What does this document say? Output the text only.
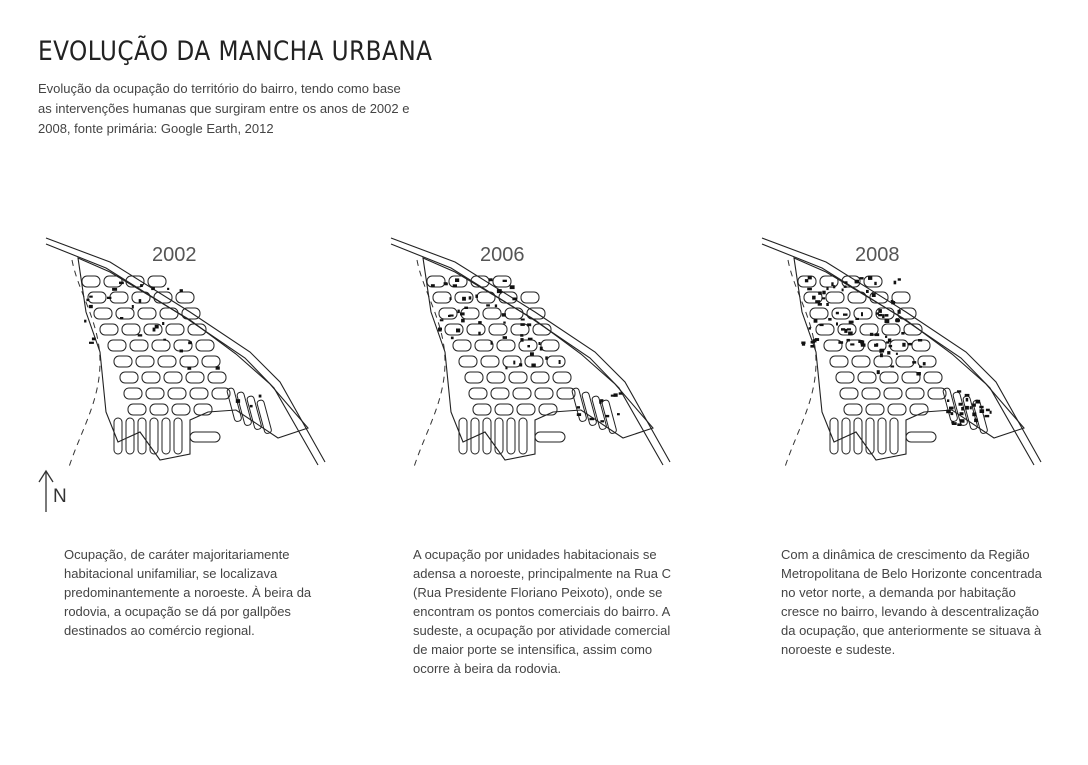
EVOLUÇÃO DA MANCHA URBANA

Evolução da ocupação do território do bairro, tendo como base as intervenções humanas que surgiram entre os anos de 2002 e 2008, fonte primária: Google Earth, 2012

2002

Ocupação, de caráter majoritariamente habitacional unifamiliar, se localizava predominantemente a noroeste. À beira da rodovia, a ocupação se dá por gallpões destinados ao comércio regional.

2006

A ocupação por unidades habitacionais se adensa a noroeste, principalmente na Rua C (Rua Presidente Floriano Peixoto), onde se encontram os pontos comerciais do bairro. A sudeste, a ocupação por atividade comercial de maior porte se intensifica, assim como ocorre à beira da rodovia.

2008

Com a dinâmica de crescimento da Região Metropolitana de Belo Horizonte concentrada no vetor norte, a demanda por habitação cresce no bairro, levando à descentralização da ocupação, que anteriormente se situava à noroeste e sudeste.

N
